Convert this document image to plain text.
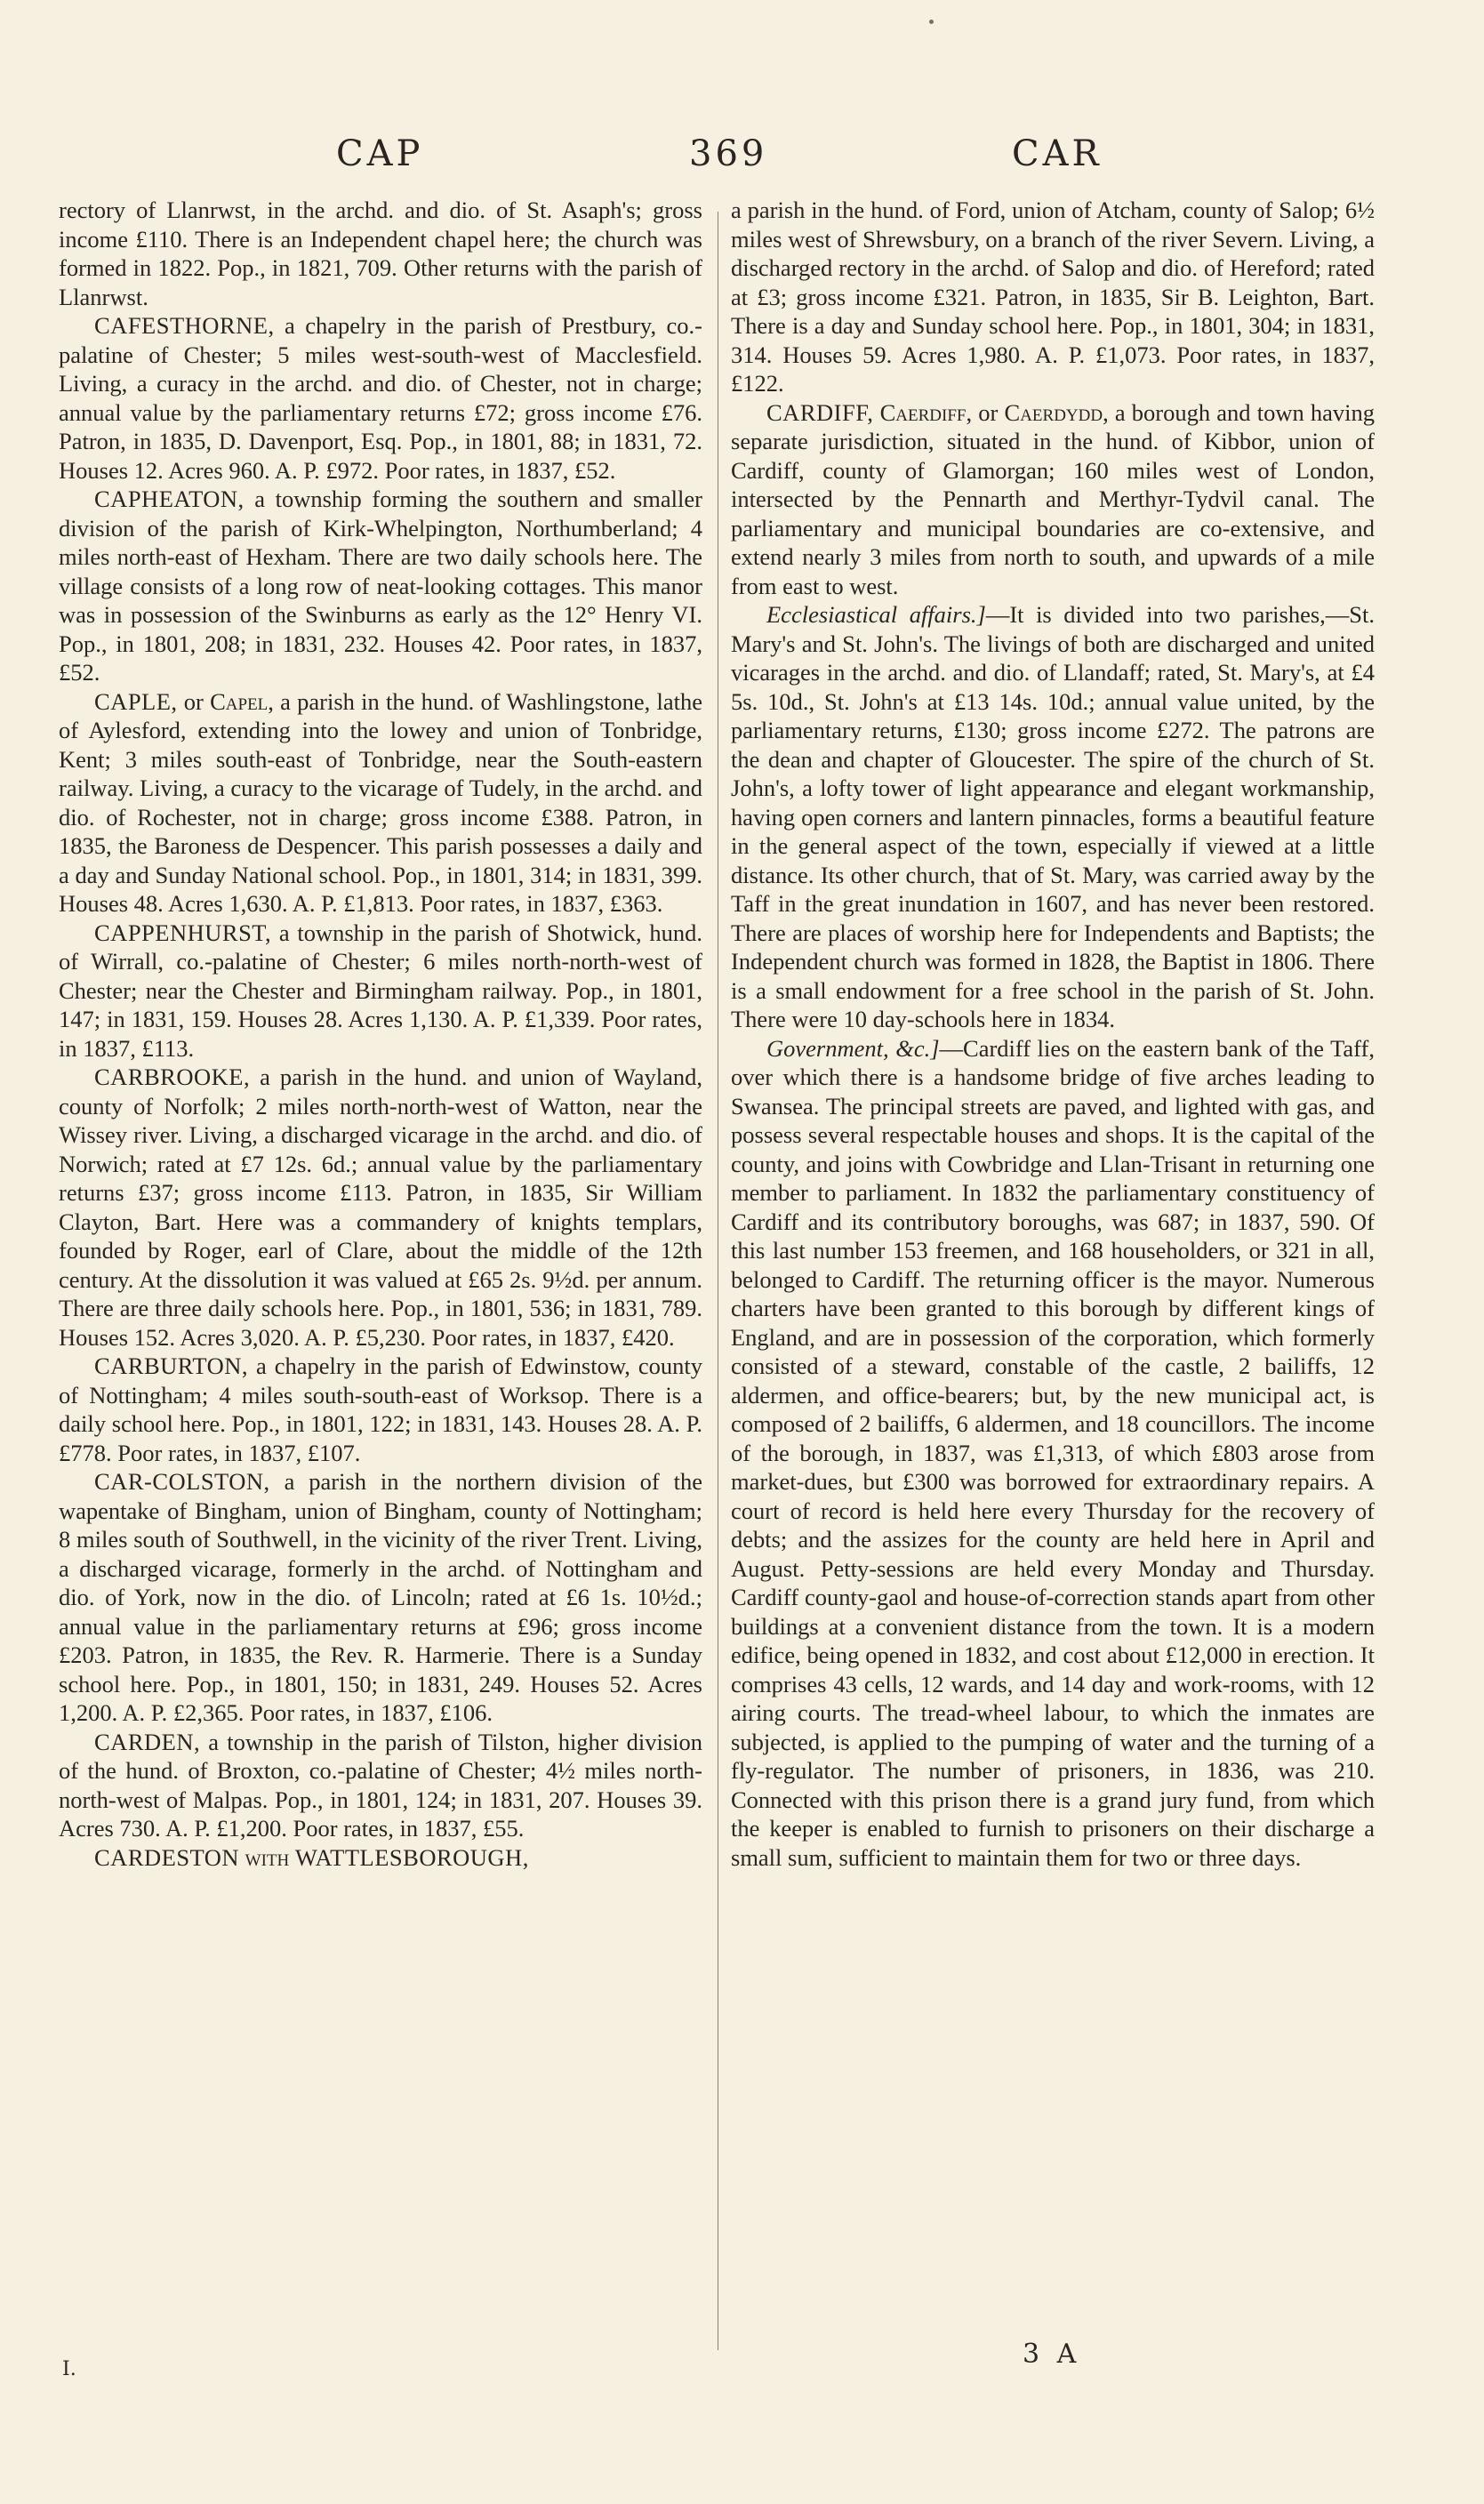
CAP	369	CAR

rectory of Llanrwst, in the archd. and dio. of St. Asaph's; gross income £110. There is an Independent chapel here; the church was formed in 1822. Pop., in 1821, 709. Other returns with the parish of Llanrwst.

CAFESTHORNE, a chapelry in the parish of Prestbury, co.-palatine of Chester; 5 miles west-south-west of Macclesfield. Living, a curacy in the archd. and dio. of Chester, not in charge; annual value by the parliamentary returns £72; gross income £76. Patron, in 1835, D. Davenport, Esq. Pop., in 1801, 88; in 1831, 72. Houses 12. Acres 960. A. P. £972. Poor rates, in 1837, £52.

CAPHEATON, a township forming the southern and smaller division of the parish of Kirk-Whelpington, Northumberland; 4 miles north-east of Hexham. There are two daily schools here. The village consists of a long row of neat-looking cottages. This manor was in possession of the Swinburns as early as the 12° Henry VI. Pop., in 1801, 208; in 1831, 232. Houses 42. Poor rates, in 1837, £52.

CAPLE, or Capel, a parish in the hund. of Washlingstone, lathe of Aylesford, extending into the lowey and union of Tonbridge, Kent; 3 miles south-east of Tonbridge, near the South-eastern railway. Living, a curacy to the vicarage of Tudely, in the archd. and dio. of Rochester, not in charge; gross income £388. Patron, in 1835, the Baroness de Despencer. This parish possesses a daily and a day and Sunday National school. Pop., in 1801, 314; in 1831, 399. Houses 48. Acres 1,630. A. P. £1,813. Poor rates, in 1837, £363.

CAPPENHURST, a township in the parish of Shotwick, hund. of Wirrall, co.-palatine of Chester; 6 miles north-north-west of Chester; near the Chester and Birmingham railway. Pop., in 1801, 147; in 1831, 159. Houses 28. Acres 1,130. A. P. £1,339. Poor rates, in 1837, £113.

CARBROOKE, a parish in the hund. and union of Wayland, county of Norfolk; 2 miles north-north-west of Watton, near the Wissey river. Living, a discharged vicarage in the archd. and dio. of Norwich; rated at £7 12s. 6d.; annual value by the parliamentary returns £37; gross income £113. Patron, in 1835, Sir William Clayton, Bart. Here was a commandery of knights templars, founded by Roger, earl of Clare, about the middle of the 12th century. At the dissolution it was valued at £65 2s. 9½d. per annum. There are three daily schools here. Pop., in 1801, 536; in 1831, 789. Houses 152. Acres 3,020. A. P. £5,230. Poor rates, in 1837, £420.

CARBURTON, a chapelry in the parish of Edwinstow, county of Nottingham; 4 miles south-south-east of Worksop. There is a daily school here. Pop., in 1801, 122; in 1831, 143. Houses 28. A. P. £778. Poor rates, in 1837, £107.

CAR-COLSTON, a parish in the northern division of the wapentake of Bingham, union of Bingham, county of Nottingham; 8 miles south of Southwell, in the vicinity of the river Trent. Living, a discharged vicarage, formerly in the archd. of Nottingham and dio. of York, now in the dio. of Lincoln; rated at £6 1s. 10½d.; annual value in the parliamentary returns at £96; gross income £203. Patron, in 1835, the Rev. R. Harmerie. There is a Sunday school here. Pop., in 1801, 150; in 1831, 249. Houses 52. Acres 1,200. A. P. £2,365. Poor rates, in 1837, £106.

CARDEN, a township in the parish of Tilston, higher division of the hund. of Broxton, co.-palatine of Chester; 4½ miles north-north-west of Malpas. Pop., in 1801, 124; in 1831, 207. Houses 39. Acres 730. A. P. £1,200. Poor rates, in 1837, £55.

CARDESTON with WATTLESBOROUGH,

a parish in the hund. of Ford, union of Atcham, county of Salop; 6½ miles west of Shrewsbury, on a branch of the river Severn. Living, a discharged rectory in the archd. of Salop and dio. of Hereford; rated at £3; gross income £321. Patron, in 1835, Sir B. Leighton, Bart. There is a day and Sunday school here. Pop., in 1801, 304; in 1831, 314. Houses 59. Acres 1,980. A. P. £1,073. Poor rates, in 1837, £122.

CARDIFF, Caerdiff, or Caerdydd, a borough and town having separate jurisdiction, situated in the hund. of Kibbor, union of Cardiff, county of Glamorgan; 160 miles west of London, intersected by the Pennarth and Merthyr-Tydvil canal. The parliamentary and municipal boundaries are co-extensive, and extend nearly 3 miles from north to south, and upwards of a mile from east to west.

Ecclesiastical affairs.]—It is divided into two parishes,—St. Mary's and St. John's. The livings of both are discharged and united vicarages in the archd. and dio. of Llandaff; rated, St. Mary's, at £4 5s. 10d., St. John's at £13 14s. 10d.; annual value united, by the parliamentary returns, £130; gross income £272. The patrons are the dean and chapter of Gloucester. The spire of the church of St. John's, a lofty tower of light appearance and elegant workmanship, having open corners and lantern pinnacles, forms a beautiful feature in the general aspect of the town, especially if viewed at a little distance. Its other church, that of St. Mary, was carried away by the Taff in the great inundation in 1607, and has never been restored. There are places of worship here for Independents and Baptists; the Independent church was formed in 1828, the Baptist in 1806. There is a small endowment for a free school in the parish of St. John. There were 10 day-schools here in 1834.

Government, &c.]—Cardiff lies on the eastern bank of the Taff, over which there is a handsome bridge of five arches leading to Swansea. The principal streets are paved, and lighted with gas, and possess several respectable houses and shops. It is the capital of the county, and joins with Cowbridge and Llan-Trisant in returning one member to parliament. In 1832 the parliamentary constituency of Cardiff and its contributory boroughs, was 687; in 1837, 590. Of this last number 153 freemen, and 168 householders, or 321 in all, belonged to Cardiff. The returning officer is the mayor. Numerous charters have been granted to this borough by different kings of England, and are in possession of the corporation, which formerly consisted of a steward, constable of the castle, 2 bailiffs, 12 aldermen, and office-bearers; but, by the new municipal act, is composed of 2 bailiffs, 6 aldermen, and 18 councillors. The income of the borough, in 1837, was £1,313, of which £803 arose from market-dues, but £300 was borrowed for extraordinary repairs. A court of record is held here every Thursday for the recovery of debts; and the assizes for the county are held here in April and August. Petty-sessions are held every Monday and Thursday. Cardiff county-gaol and house-of-correction stands apart from other buildings at a convenient distance from the town. It is a modern edifice, being opened in 1832, and cost about £12,000 in erection. It comprises 43 cells, 12 wards, and 14 day and work-rooms, with 12 airing courts. The tread-wheel labour, to which the inmates are subjected, is applied to the pumping of water and the turning of a fly-regulator. The number of prisoners, in 1836, was 210. Connected with this prison there is a grand jury fund, from which the keeper is enabled to furnish to prisoners on their discharge a small sum, sufficient to maintain them for two or three days.

I.	3 A
